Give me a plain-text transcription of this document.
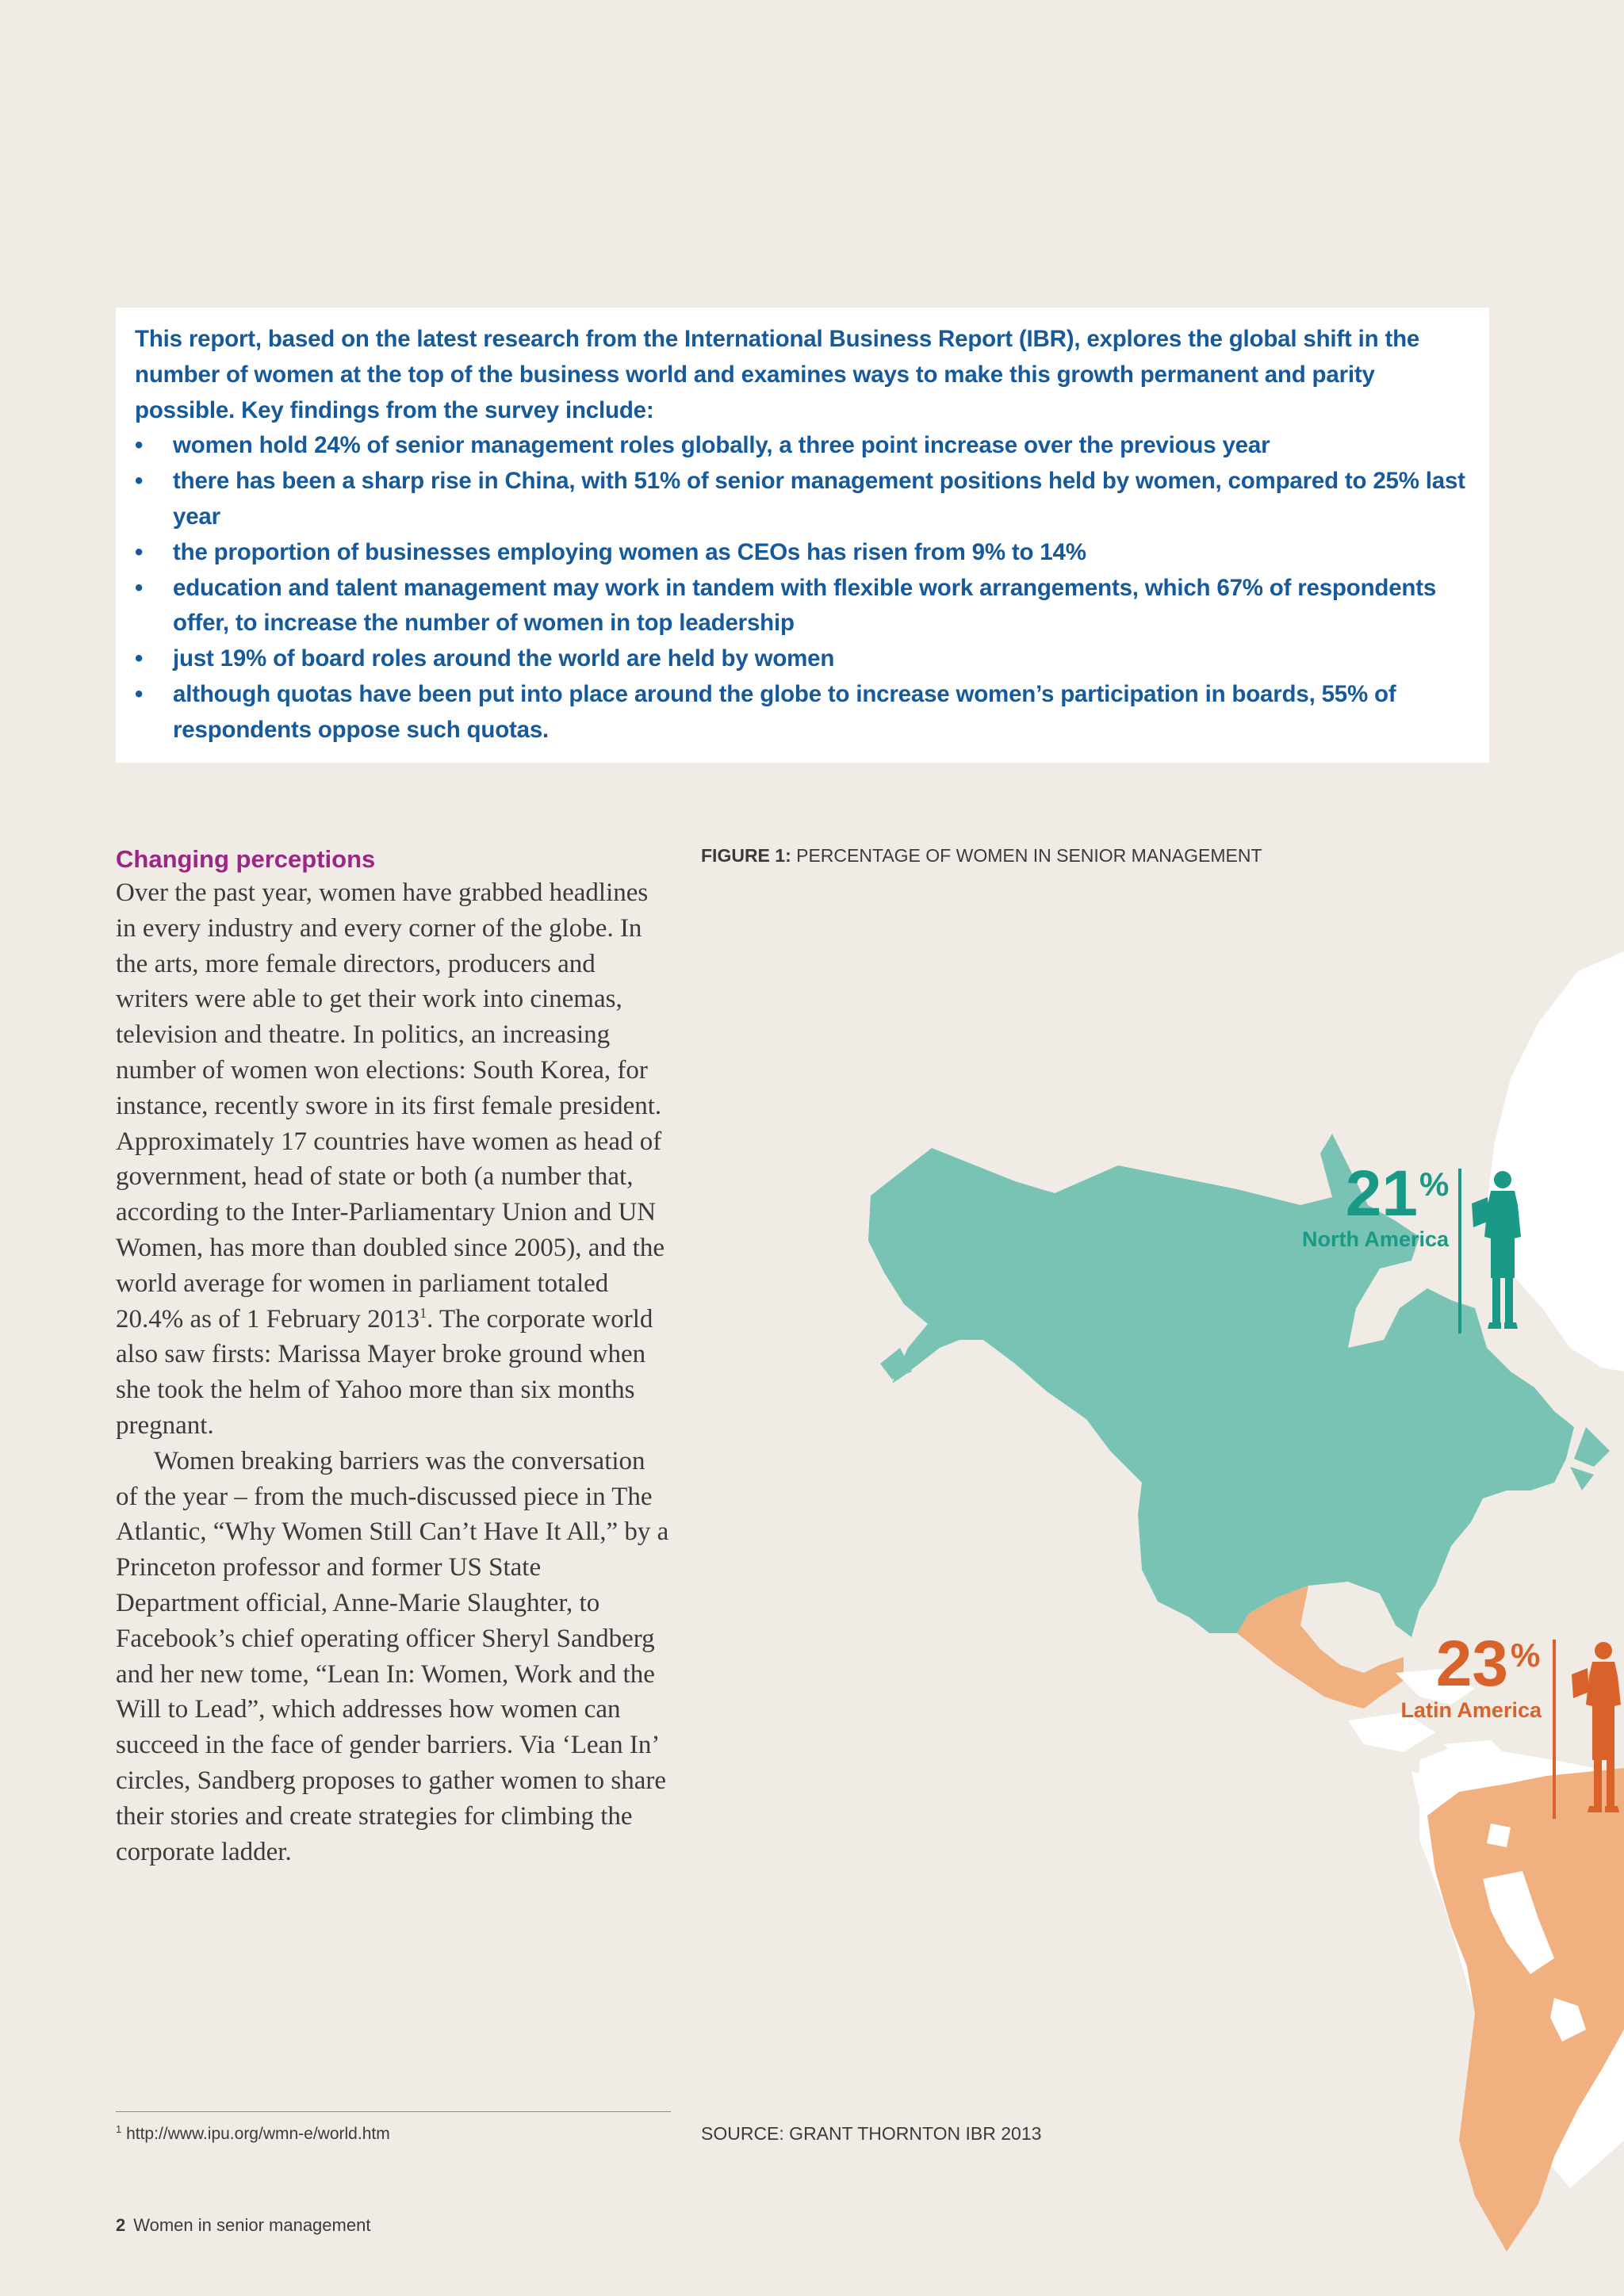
This report, based on the latest research from the International Business Report (IBR), explores the global shift in the number of women at the top of the business world and examines ways to make this growth permanent and parity possible. Key findings from the survey include:

• women hold 24% of senior management roles globally, a three point increase over the previous year
• there has been a sharp rise in China, with 51% of senior management positions held by women, compared to 25% last year
• the proportion of businesses employing women as CEOs has risen from 9% to 14%
• education and talent management may work in tandem with flexible work arrangements, which 67% of respondents offer, to increase the number of women in top leadership
• just 19% of board roles around the world are held by women
• although quotas have been put into place around the globe to increase women’s participation in boards, 55% of respondents oppose such quotas.
21 %
North America
23 %
Latin America
Changing perceptions

Over the past year, women have grabbed headlines in every industry and every corner of the globe. In the arts, more female directors, producers and writers were able to get their work into cinemas, television and theatre. In politics, an increasing number of women won elections: South Korea, for instance, recently swore in its first female president. Approximately 17 countries have women as head of government, head of state or both (a number that, according to the Inter-Parliamentary Union and UN Women, has more than doubled since 2005), and the world average for women in parliament totaled 20.4% as of 1 February 2013$^1$. The corporate world also saw firsts: Marissa Mayer broke ground when she took the helm of Yahoo more than six months pregnant.

Women breaking barriers was the conversation of the year – from the much-discussed piece in The Atlantic, “Why Women Still Can’t Have It All,” by a Princeton professor and former US State Department official, Anne-Marie Slaughter, to Facebook’s chief operating officer Sheryl Sandberg and her new tome, “Lean In: Women, Work and the Will to Lead”, which addresses how women can succeed in the face of gender barriers. Via ‘Lean In’ circles, Sandberg proposes to gather women to share their stories and create strategies for climbing the corporate ladder.

FIGURE 1: PERCENTAGE OF WOMEN IN SENIOR MANAGEMENT
$^1$ http://www.ipu.org/wmn-e/world.htm	SOURCE: GRANT THORNTON IBR 2013
2 Women in senior management
